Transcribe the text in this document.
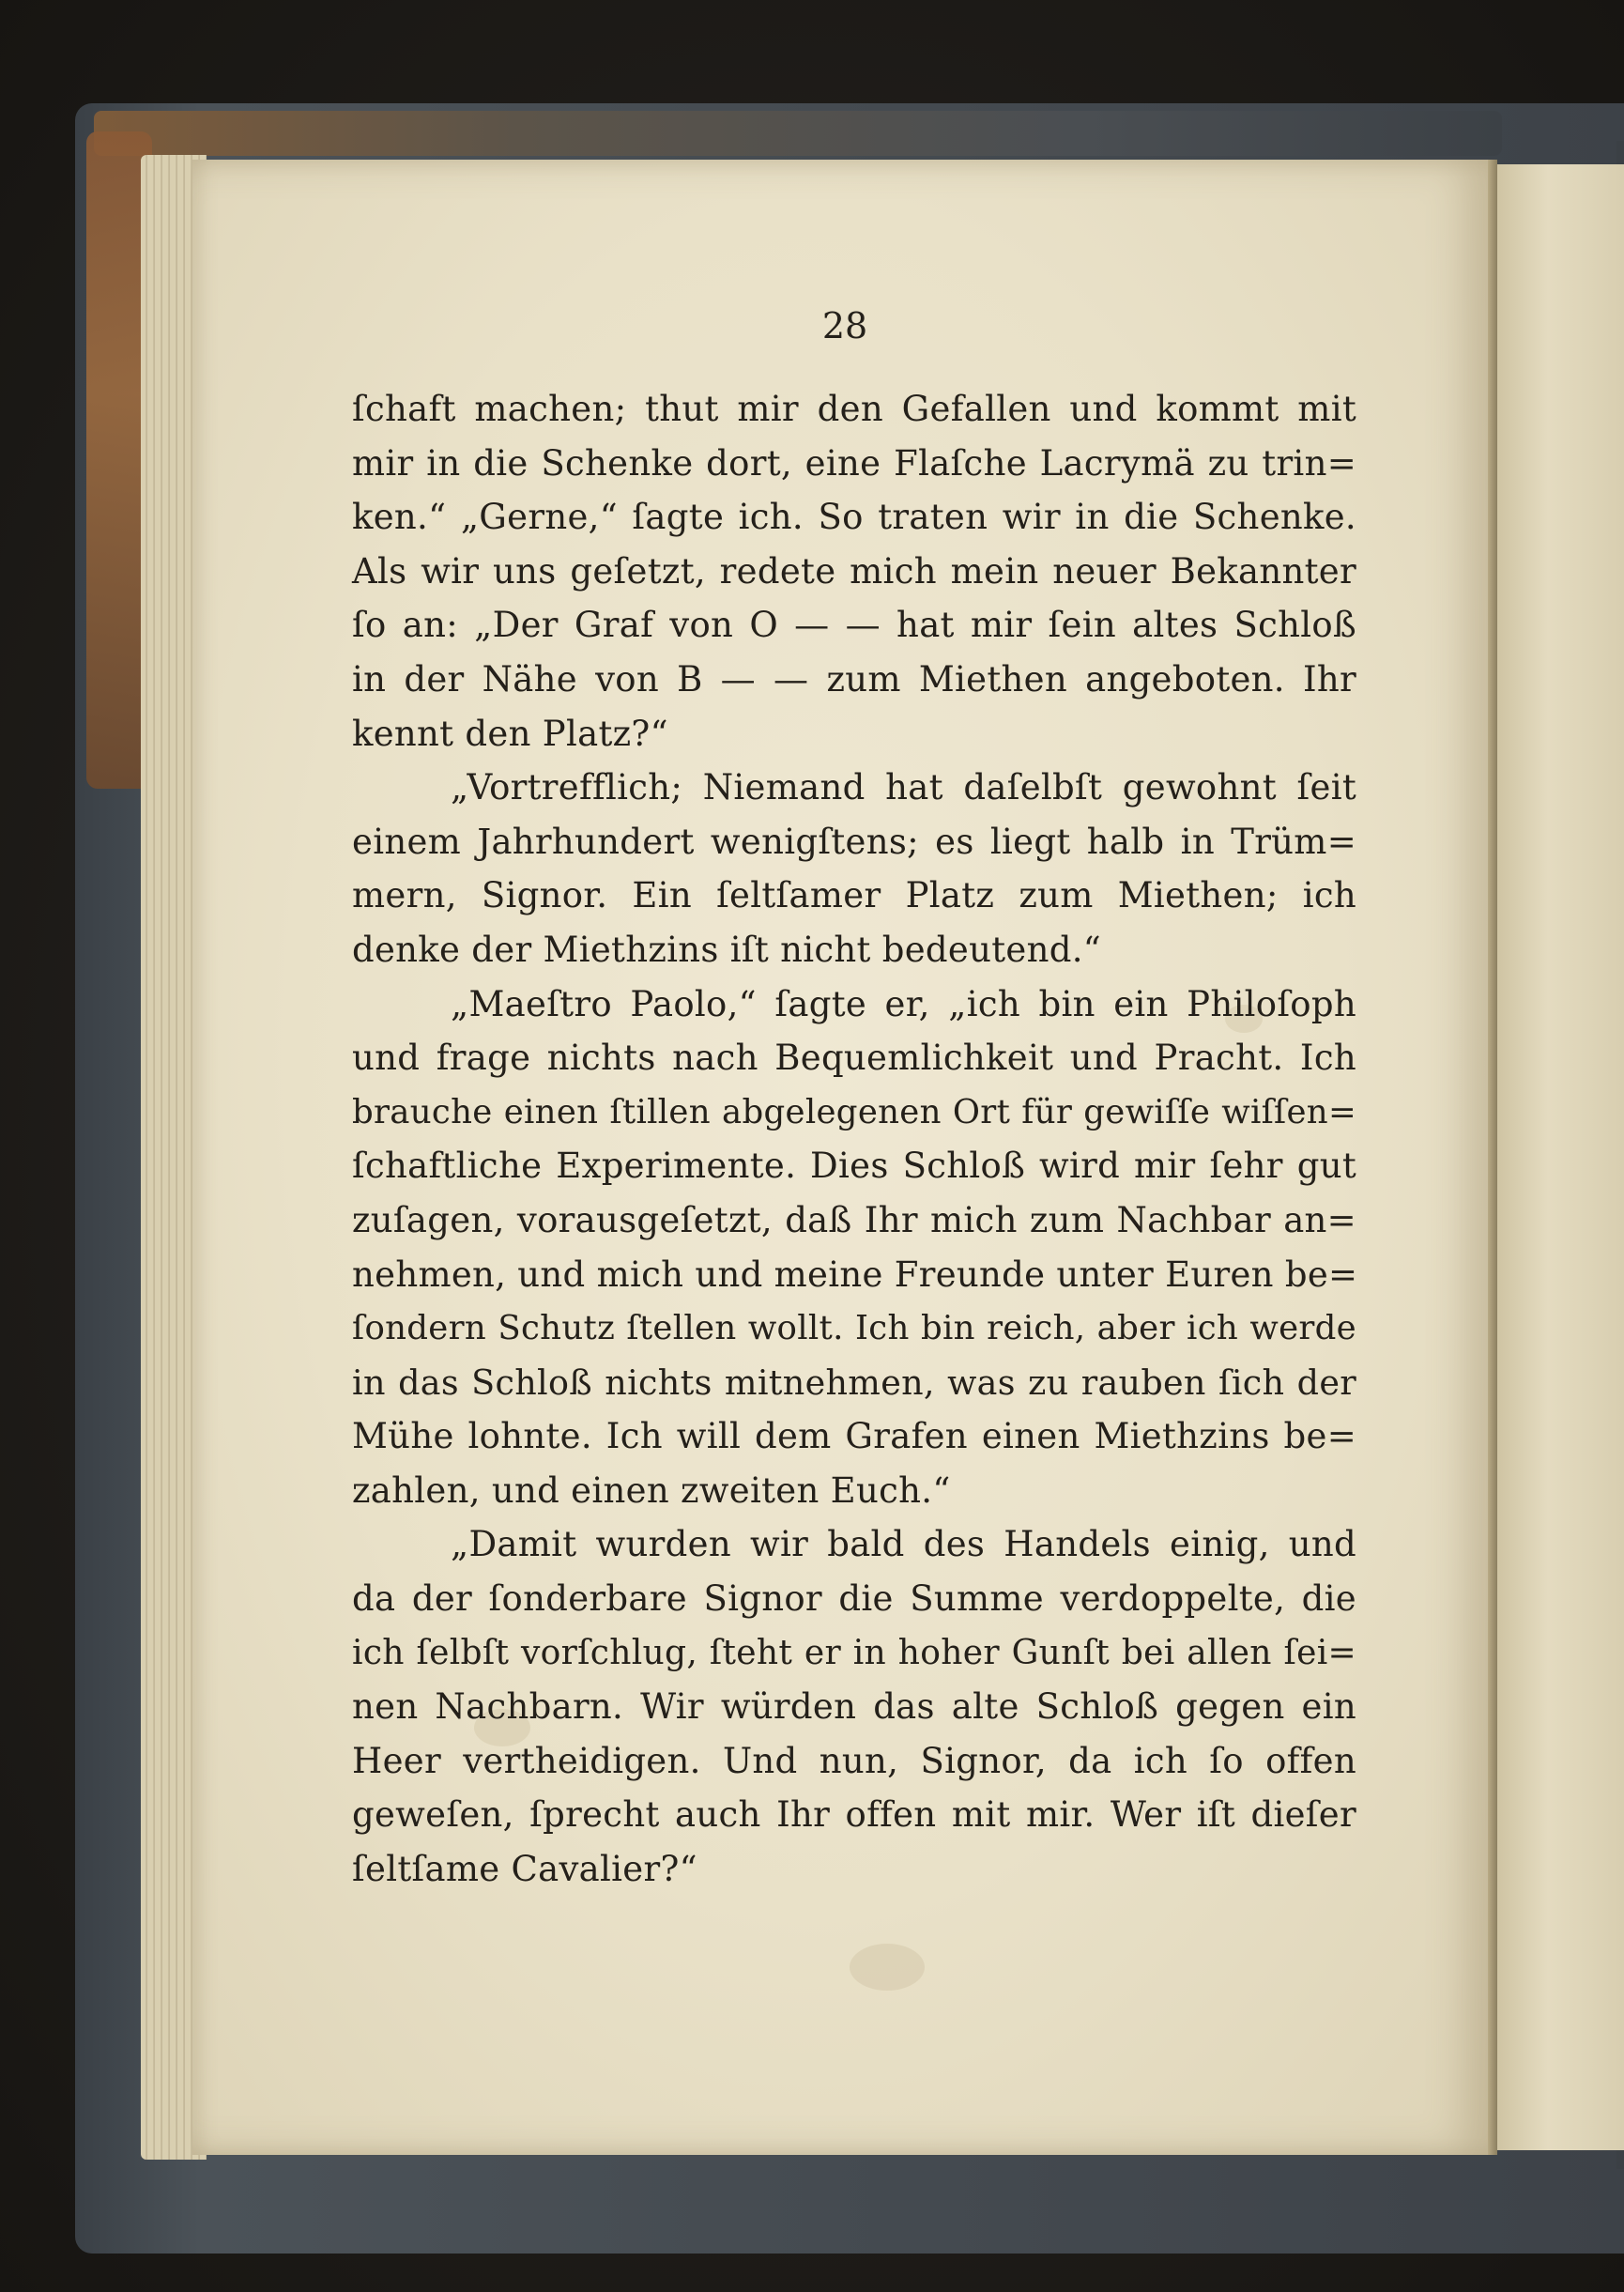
28
ſchaft machen; thut mir den Gefallen und kommt mit
mir in die Schenke dort, eine Flaſche Lacrymä zu trin=
ken.“ „Gerne,“ ſagte ich. So traten wir in die Schenke.
Als wir uns geſetzt, redete mich mein neuer Bekannter
ſo an: „Der Graf von O — — hat mir ſein altes Schloß
in der Nähe von B — — zum Miethen angeboten. Ihr
kennt den Platz?“
„Vortrefflich; Niemand hat daſelbſt gewohnt ſeit
einem Jahrhundert wenigſtens; es liegt halb in Trüm=
mern, Signor. Ein ſeltſamer Platz zum Miethen; ich
denke der Miethzins iſt nicht bedeutend.“
„Maeſtro Paolo,“ ſagte er, „ich bin ein Philoſoph
und frage nichts nach Bequemlichkeit und Pracht. Ich
brauche einen ſtillen abgelegenen Ort für gewiſſe wiſſen=
ſchaftliche Experimente. Dies Schloß wird mir ſehr gut
zuſagen, vorausgeſetzt, daß Ihr mich zum Nachbar an=
nehmen, und mich und meine Freunde unter Euren be=
ſondern Schutz ſtellen wollt. Ich bin reich, aber ich werde
in das Schloß nichts mitnehmen, was zu rauben ſich der
Mühe lohnte. Ich will dem Grafen einen Miethzins be=
zahlen, und einen zweiten Euch.“
„Damit wurden wir bald des Handels einig, und
da der ſonderbare Signor die Summe verdoppelte, die
ich ſelbſt vorſchlug, ſteht er in hoher Gunſt bei allen ſei=
nen Nachbarn. Wir würden das alte Schloß gegen ein
Heer vertheidigen. Und nun, Signor, da ich ſo offen
geweſen, ſprecht auch Ihr offen mit mir. Wer iſt dieſer
ſeltſame Cavalier?“
